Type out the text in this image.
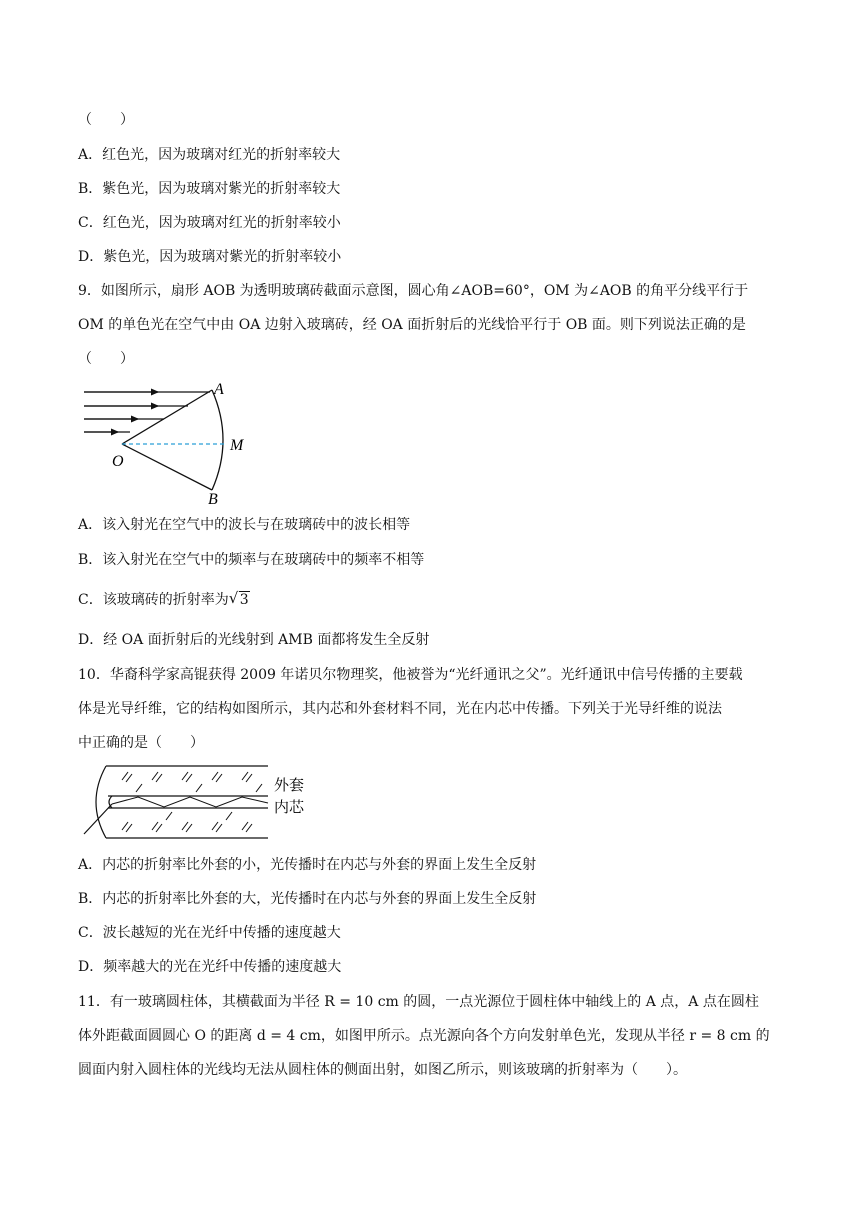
（　　）
A．红色光，因为玻璃对红光的折射率较大
B．紫色光，因为玻璃对紫光的折射率较大
C．红色光，因为玻璃对红光的折射率较小
D．紫色光，因为玻璃对紫光的折射率较小
9．如图所示，扇形 AOB 为透明玻璃砖截面示意图，圆心角∠AOB=60°，OM 为∠AOB 的角平分线平行于
OM 的单色光在空气中由 OA 边射入玻璃砖，经 OA 面折射后的光线恰平行于 OB 面。则下列说法正确的是
（　　）
A
M
O
B
A．该入射光在空气中的波长与在玻璃砖中的波长相等
B．该入射光在空气中的频率与在玻璃砖中的频率不相等
C．该玻璃砖的折射率为 √ 3
D．经 OA 面折射后的光线射到 AMB 面都将发生全反射
10．华裔科学家高锟获得 2009 年诺贝尔物理奖，他被誉为“光纤通讯之父”。光纤通讯中信号传播的主要载
体是光导纤维，它的结构如图所示，其内芯和外套材料不同，光在内芯中传播。下列关于光导纤维的说法
中正确的是（　　）
外套
内芯
A．内芯的折射率比外套的小，光传播时在内芯与外套的界面上发生全反射
B．内芯的折射率比外套的大，光传播时在内芯与外套的界面上发生全反射
C．波长越短的光在光纤中传播的速度越大
D．频率越大的光在光纤中传播的速度越大
11．有一玻璃圆柱体，其横截面为半径 R = 10 cm 的圆，一点光源位于圆柱体中轴线上的 A 点，A 点在圆柱
体外距截面圆圆心 O 的距离 d = 4 cm，如图甲所示。点光源向各个方向发射单色光，发现从半径 r = 8 cm 的
圆面内射入圆柱体的光线均无法从圆柱体的侧面出射，如图乙所示，则该玻璃的折射率为（　　）。
